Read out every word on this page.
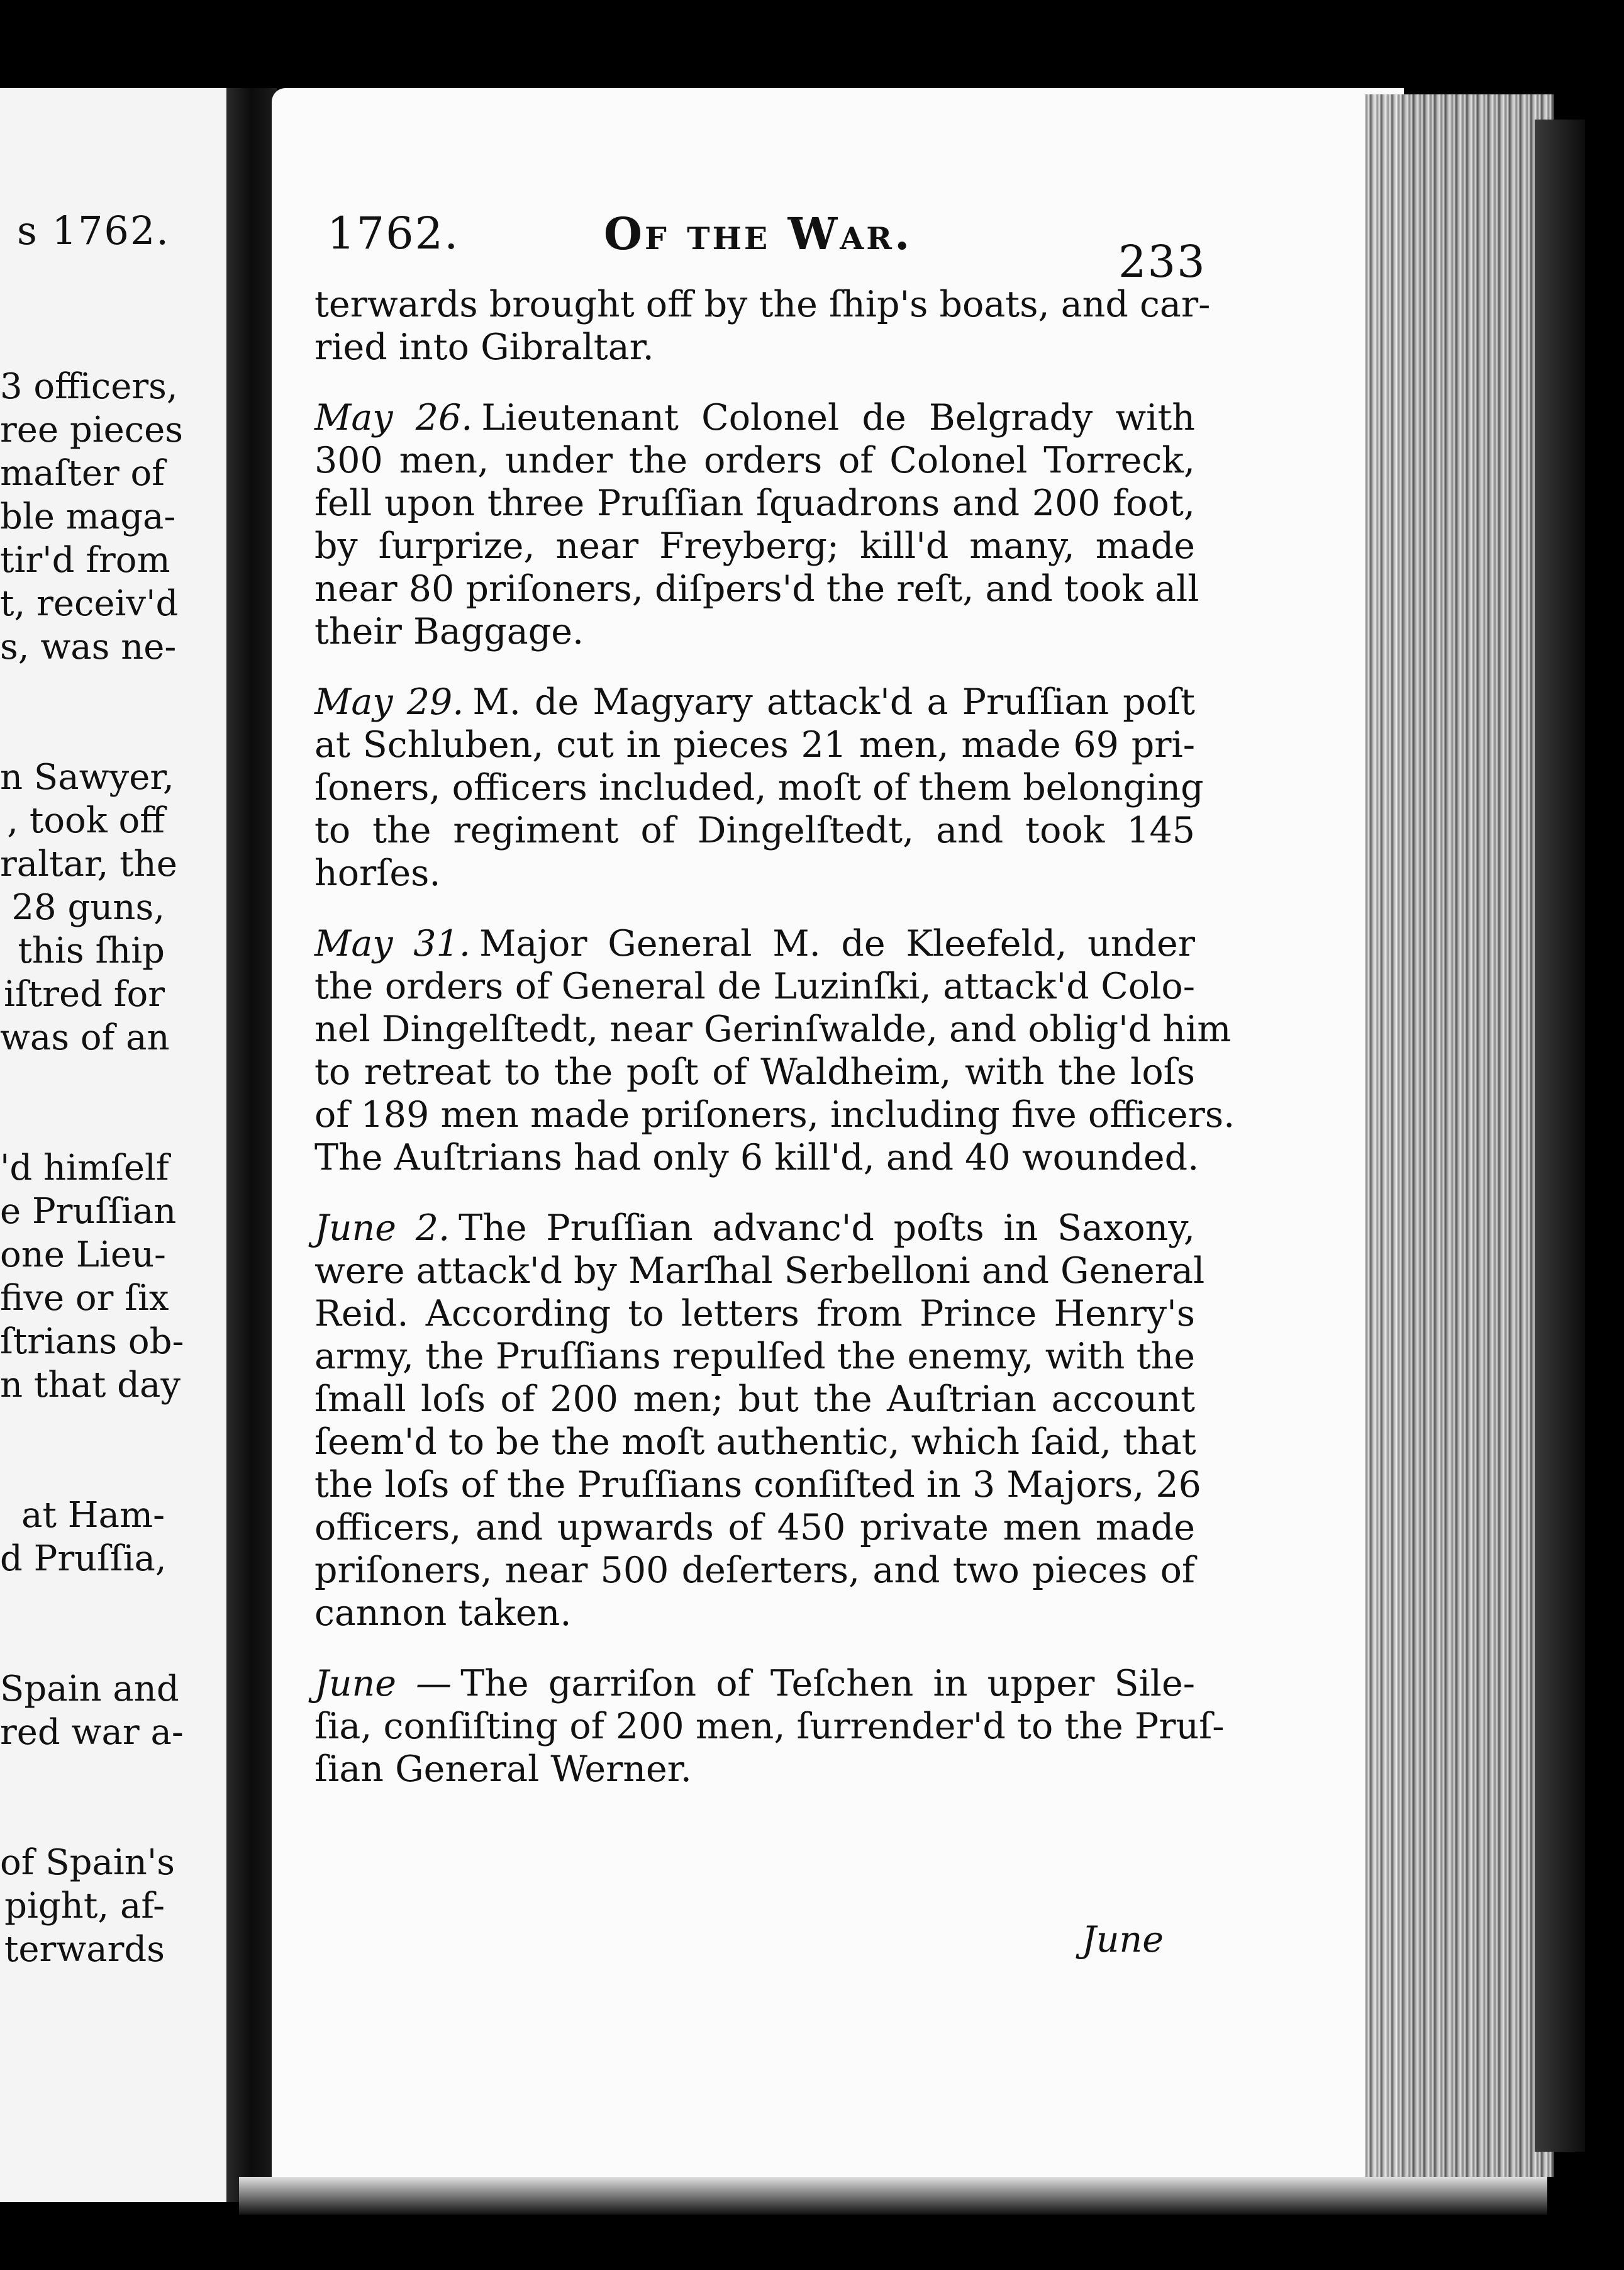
s 1762.
3 officers,
ree pieces
maſter of
ble maga-
tir'd from
t, receiv'd
s, was ne-
n Sawyer,
, took off
raltar, the
28 guns,
this ſhip
iſtred for
was of an
'd himſelf
e Pruſſian
one Lieu-
five or ſix
ſtrians ob-
n that day
at Ham-
d Pruſſia,
Spain and
red war a-
of Spain's
pight, af-
terwards
1762.	Of the War.
233
terwards brought off by the ſhip's boats, and car-
ried into Gibraltar.
May 26. Lieutenant Colonel de Belgrady with
300 men, under the orders of Colonel Torreck,
fell upon three Pruſſian ſquadrons and 200 foot,
by ſurprize, near Freyberg; kill'd many, made
near 80 priſoners, diſpers'd the reſt, and took all
their Baggage.
May 29. M. de Magyary attack'd a Pruſſian poſt
at Schluben, cut in pieces 21 men, made 69 pri-
ſoners, officers included, moſt of them belonging
to the regiment of Dingelſtedt, and took 145
horſes.
May 31. Major General M. de Kleefeld, under
the orders of General de Luzinſki, attack'd Colo-
nel Dingelſtedt, near Gerinſwalde, and oblig'd him
to retreat to the poſt of Waldheim, with the loſs
of 189 men made priſoners, including five officers.
The Auſtrians had only 6 kill'd, and 40 wounded.
June 2. The Pruſſian advanc'd poſts in Saxony,
were attack'd by Marſhal Serbelloni and General
Reid. According to letters from Prince Henry's
army, the Pruſſians repulſed the enemy, with the
ſmall loſs of 200 men; but the Auſtrian account
ſeem'd to be the moſt authentic, which ſaid, that
the loſs of the Pruſſians conſiſted in 3 Majors, 26
officers, and upwards of 450 private men made
priſoners, near 500 deſerters, and two pieces of
cannon taken.
June — The garriſon of Teſchen in upper Sile-
ſia, conſiſting of 200 men, ſurrender'd to the Pruſ-
ſian General Werner.
June
